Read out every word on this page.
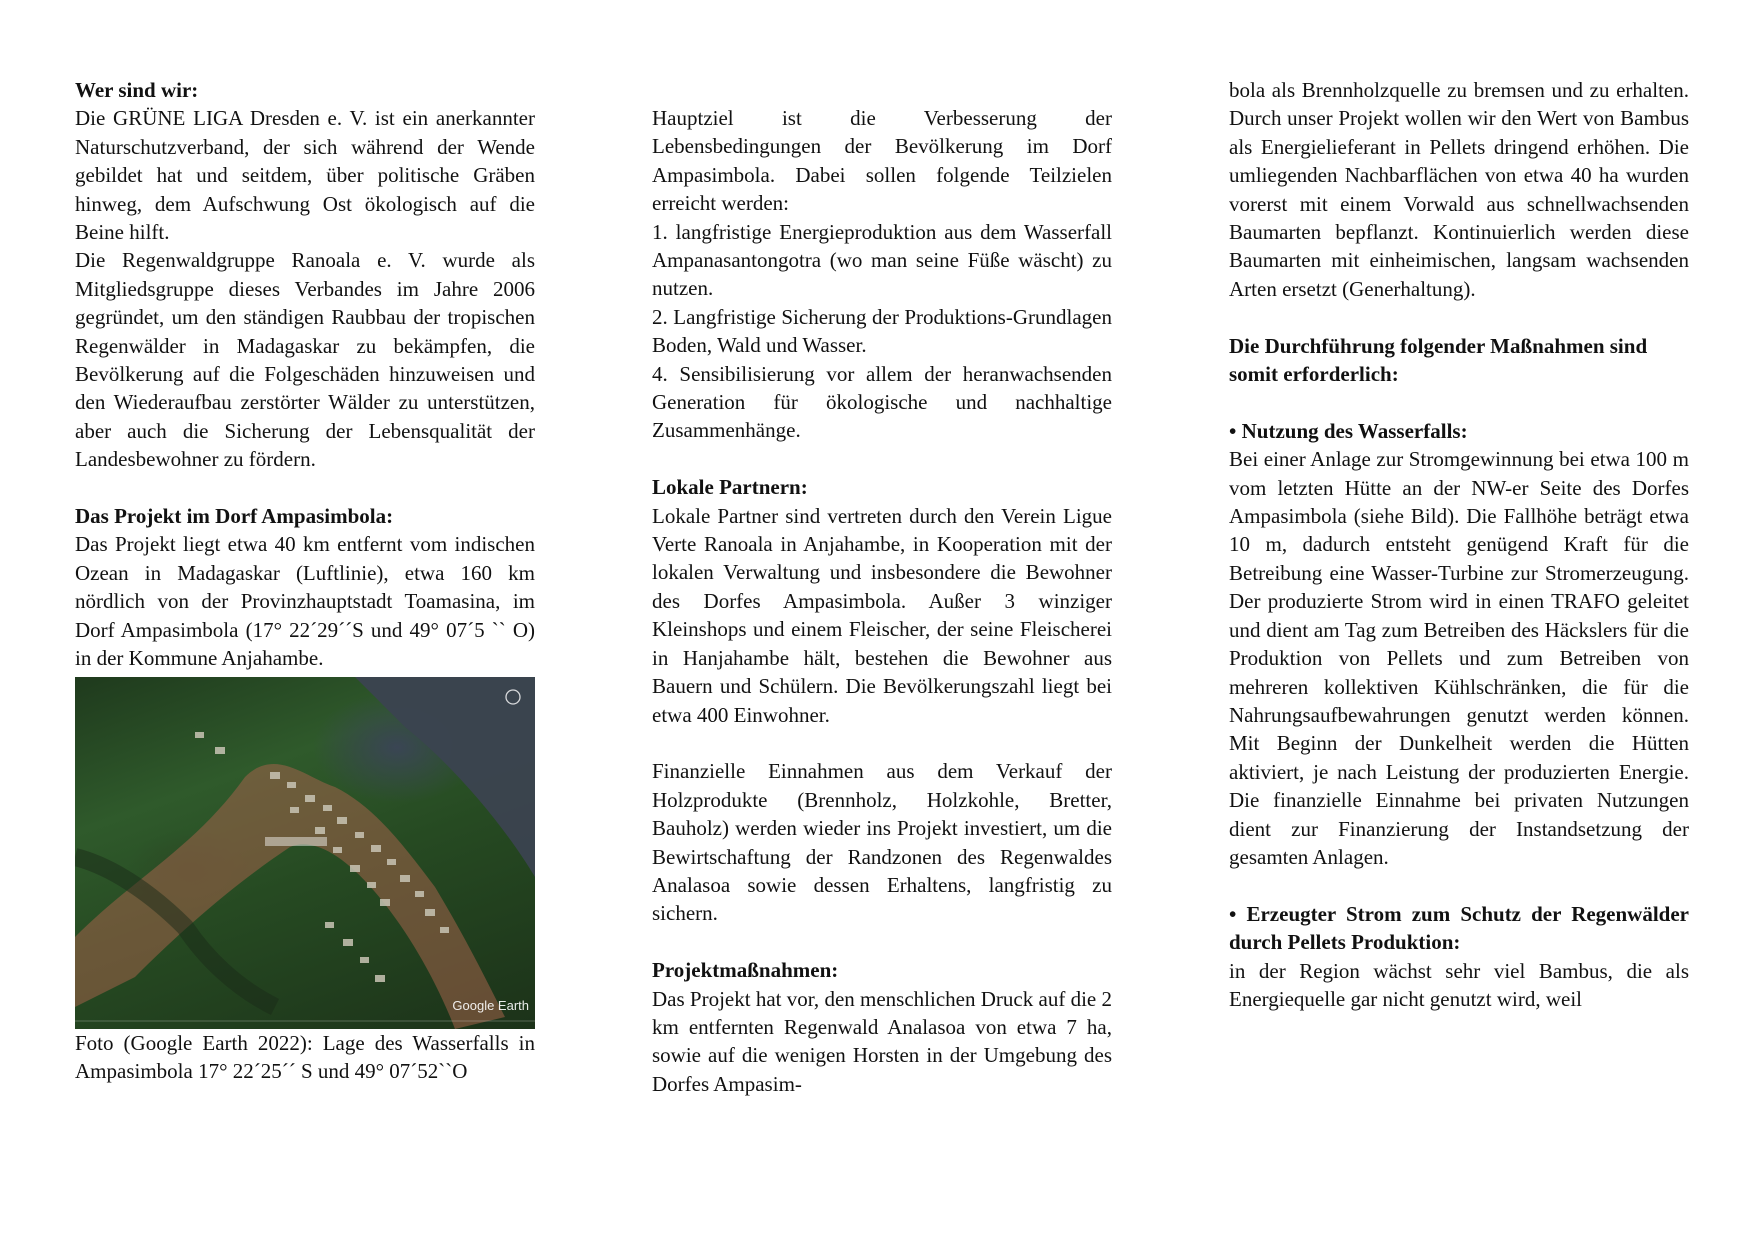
Wer sind wir:

Die GRÜNE LIGA Dresden e. V. ist ein anerkannter Naturschutzverband, der sich während der Wende gebildet hat und seitdem, über politische Gräben hinweg, dem Aufschwung Ost ökologisch auf die Beine hilft.

Die Regenwaldgruppe Ranoala e. V. wurde als Mitgliedsgruppe dieses Verbandes im Jahre 2006 gegründet, um den ständigen Raubbau der tropischen Regenwälder in Madagaskar zu bekämpfen, die Bevölkerung auf die Folgeschäden hinzuweisen und den Wiederaufbau zerstörter Wälder zu unterstützen, aber auch die Sicherung der Lebensqualität der Landesbewohner zu fördern.

Das Projekt im Dorf Ampasimbola:

Das Projekt liegt etwa 40 km entfernt vom indischen Ozean in Madagaskar (Luftlinie), etwa 160 km nördlich von der Provinzhauptstadt Toamasina, im Dorf Ampasimbola (17° 22´29´´S und 49° 07´5 `` O) in der Kommune Anjahambe.

Google Earth

Foto (Google Earth 2022): Lage des Wasserfalls in Ampasimbola 17° 22´25´´ S und 49° 07´52``O

Hauptziel ist die Verbesserung der Lebensbedingungen der Bevölkerung im Dorf Ampasimbola. Dabei sollen folgende Teilzielen erreicht werden:

1. langfristige Energieproduktion aus dem Wasserfall Ampanasantongotra (wo man seine Füße wäscht) zu nutzen.
2. Langfristige Sicherung der Produktions-Grundlagen Boden, Wald und Wasser.
4. Sensibilisierung vor allem der heranwachsenden Generation für ökologische und nachhaltige Zusammenhänge.
Lokale Partnern:

Lokale Partner sind vertreten durch den Verein Ligue Verte Ranoala in Anjahambe, in Kooperation mit der lokalen Verwaltung und insbesondere die Bewohner des Dorfes Ampasimbola. Außer 3 winziger Kleinshops und einem Fleischer, der seine Fleischerei in Hanjahambe hält, bestehen die Bewohner aus Bauern und Schülern. Die Bevölkerungszahl liegt bei etwa 400 Einwohner.

Finanzielle Einnahmen aus dem Verkauf der Holzprodukte (Brennholz, Holzkohle, Bretter, Bauholz) werden wieder ins Projekt investiert, um die Bewirtschaftung der Randzonen des Regenwaldes Analasoa sowie dessen Erhaltens, langfristig zu sichern.

Projektmaßnahmen:

Das Projekt hat vor, den menschlichen Druck auf die 2 km entfernten Regenwald Analasoa von etwa 7 ha, sowie auf die wenigen Horsten in der Umgebung des Dorfes Ampasim-

bola als Brennholzquelle zu bremsen und zu erhalten. Durch unser Projekt wollen wir den Wert von Bambus als Energielieferant in Pellets dringend erhöhen. Die umliegenden Nachbarflächen von etwa 40 ha wurden vorerst mit einem Vorwald aus schnellwachsenden Baumarten bepflanzt. Kontinuierlich werden diese Baumarten mit einheimischen, langsam wachsenden Arten ersetzt (Generhaltung).

Die Durchführung folgender Maßnahmen sind somit erforderlich:

• Nutzung des Wasserfalls:

Bei einer Anlage zur Stromgewinnung bei etwa 100 m vom letzten Hütte an der NW-er Seite des Dorfes Ampasimbola (siehe Bild). Die Fallhöhe beträgt etwa 10 m, dadurch entsteht genügend Kraft für die Betreibung eine Wasser-Turbine zur Stromerzeugung. Der produzierte Strom wird in einen TRAFO geleitet und dient am Tag zum Betreiben des Häckslers für die Produktion von Pellets und zum Betreiben von mehreren kollektiven Kühlschränken, die für die Nahrungsaufbewahrungen genutzt werden können. Mit Beginn der Dunkelheit werden die Hütten aktiviert, je nach Leistung der produzierten Energie. Die finanzielle Einnahme bei privaten Nutzungen dient zur Finanzierung der Instandsetzung der gesamten Anlagen.

• Erzeugter Strom zum Schutz der Regenwälder durch Pellets Produktion:

in der Region wächst sehr viel Bambus, die als Energiequelle gar nicht genutzt wird, weil
